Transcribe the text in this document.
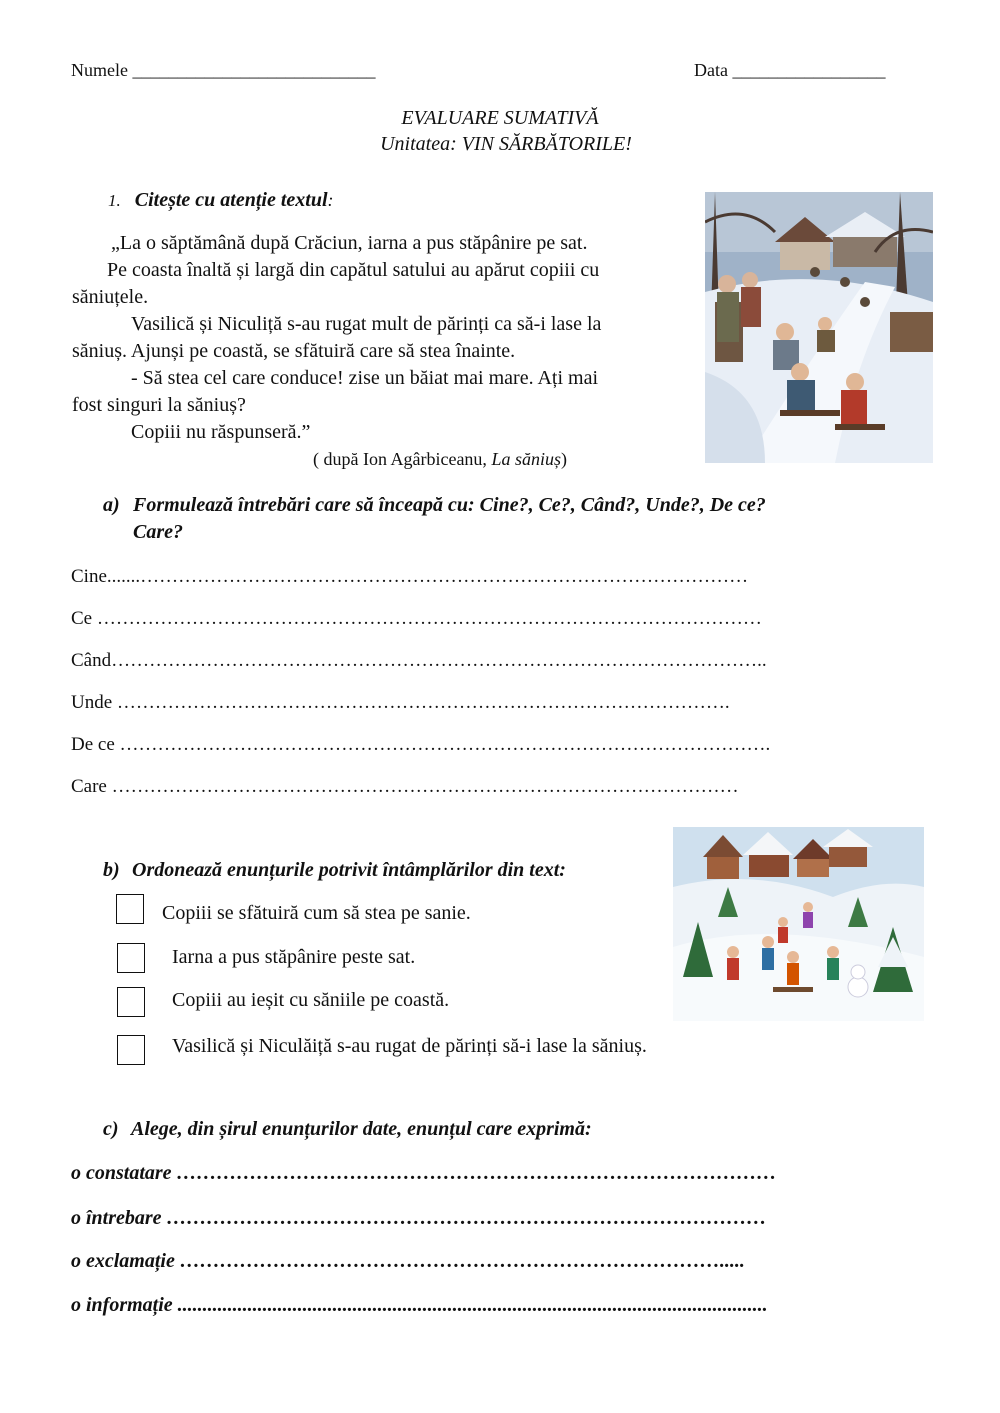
Numele ___________________________	Data _________________
EVALUARE SUMATIVĂ
Unitatea: VIN SĂRBĂTORILE!
1. Citește cu atenție textul:
„La o săptămână după Crăciun, iarna a pus stăpânire pe sat.
Pe coasta înaltă și largă din capătul satului au apărut copiii cu
săniuțele.
Vasilică și Niculiță s-au rugat mult de părinți ca să-i lase la
săniuș. Ajunși pe coastă, se sfătuiră care să stea înainte.
- Să stea cel care conduce! zise un băiat mai mare. Ați mai
fost singuri la săniuș?
Copiii nu răspunseră.”
( după Ion Agârbiceanu, La săniuș)
a) Formulează întrebări care să înceapă cu: Cine?, Ce?, Când?, Unde?, De ce?
Care?
Cine.......……………………………………………………………………………………
Ce ……………………………………………………………………………………………
Când…………………………………………………………………………………………..
Unde …………………………………………………………………………………….
De ce ………………………………………………………………………………………….
Care ………………………………………………………………………………………
b) Ordonează enunțurile potrivit întâmplărilor din text:
Copiii se sfătuiră cum să stea pe sanie.
Iarna a pus stăpânire peste sat.
Copiii au ieșit cu săniile pe coastă.
Vasilică și Niculăiță s-au rugat de părinți să-i lase la săniuș.
c) Alege, din șirul enunțurilor date, enunțul care exprimă:
o constatare ………………………………………………………………………………
o întrebare ………………………………………………………………………………
o exclamație ……………………………………………………………………….....
o informație ......................................................................................................................
